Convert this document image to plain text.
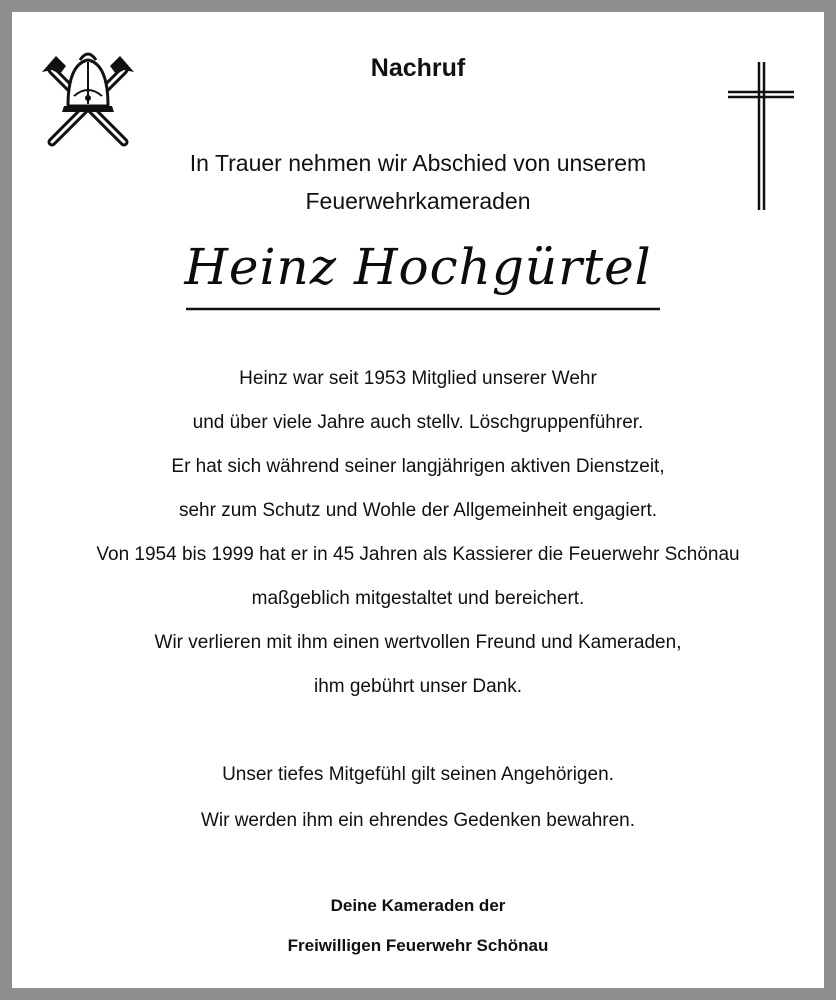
Nachruf
In Trauer nehmen wir Abschied von unserem
Feuerwehrkameraden
Heinz Hochgürtel
Heinz war seit 1953 Mitglied unserer Wehr
und über viele Jahre auch stellv. Löschgruppenführer.
Er hat sich während seiner langjährigen aktiven Dienstzeit,
sehr zum Schutz und Wohle der Allgemeinheit engagiert.
Von 1954 bis 1999 hat er in 45 Jahren als Kassierer die Feuerwehr Schönau
maßgeblich mitgestaltet und bereichert.
Wir verlieren mit ihm einen wertvollen Freund und Kameraden,
ihm gebührt unser Dank.
Unser tiefes Mitgefühl gilt seinen Angehörigen.
Wir werden ihm ein ehrendes Gedenken bewahren.
Deine Kameraden der
Freiwilligen Feuerwehr Schönau
